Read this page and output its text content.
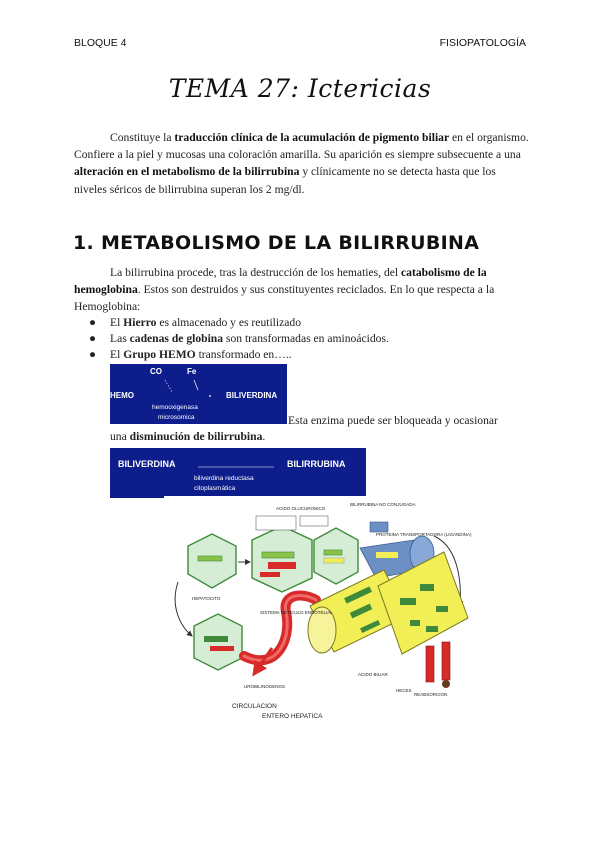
BLOQUE 4	FISIOPATOLOGÍA
TEMA 27: Ictericias

Constituye la traducción clínica de la acumulación de pigmento biliar en el organismo. Confiere a la piel y mucosas una coloración amarilla. Su aparición es siempre subsecuente a una alteración en el metabolismo de la bilirrubina y clínicamente no se detecta hasta que los niveles séricos de bilirrubina superan los 2 mg/dl.

1. METABOLISMO DE LA BILIRRUBINA

La bilirrubina procede, tras la destrucción de los hematies, del catabolismo de la hemoglobina. Estos son destruidos y sus constituyentes reciclados. En lo que respecta a la Hemoglobina:

● El Hierro es almacenado y es reutilizado
● Las cadenas de globina son transformadas en aminoácidos.
● El Grupo HEMO transformado en…..
CO	Fe
HEMO	BILIVERDINA
hemooxigenasa
microsomica	Esta enzima puede ser bloqueada y ocasionar
una disminución de bilirrubina.
BILIVERDINA	BILIRRUBINA
biliverdina reductasa
citoplasmática
BILIRRUBINA NO CONJUGADA
ACIDO GLUCURONICO
HEPATOCITO
PROTEINA TRANSPORTADORA (LIGANDINA)
SISTEMA RETICULO ENDOTELIAL
UROBILINOGENOS
ACIDO BILIAR
CIRCULACION
ENTERO HEPATICA
REABSORCION
HECES
